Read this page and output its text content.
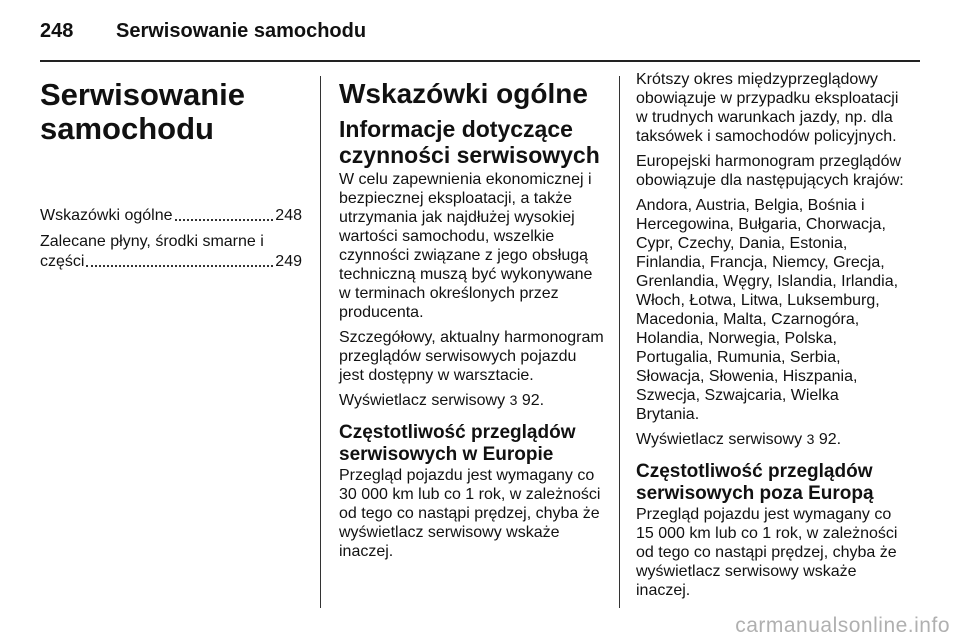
248 Serwisowanie samochodu
Serwisowanie
samochodu
Wskazówki ogólne	248
Zalecane płyny, środki smarne i
części	249
Wskazówki ogólne
Informacje dotyczące czynności serwisowych

W celu zapewnienia ekonomicznej i bezpiecznej eksploatacji, a także utrzymania jak najdłużej wysokiej wartości samochodu, wszelkie czynności związane z jego obsługą techniczną muszą być wykonywane w terminach określonych przez producenta.

Szczegółowy, aktualny harmonogram przeglądów serwisowych pojazdu jest dostępny w warsztacie.

Wyświetlacz serwisowy 3 92.

Częstotliwość przeglądów serwisowych w Europie

Przegląd pojazdu jest wymagany co 30 000 km lub co 1 rok, w zależności od tego co nastąpi prędzej, chyba że wyświetlacz serwisowy wskaże inaczej.

Krótszy okres międzyprzeglądowy obowiązuje w przypadku eksploatacji w trudnych warunkach jazdy, np. dla taksówek i samochodów policyjnych.

Europejski harmonogram przeglądów obowiązuje dla następujących krajów:

Andora, Austria, Belgia, Bośnia i Hercegowina, Bułgaria, Chorwacja, Cypr, Czechy, Dania, Estonia, Finlandia, Francja, Niemcy, Grecja, Grenlandia, Węgry, Islandia, Irlandia, Włoch, Łotwa, Litwa, Luksemburg, Macedonia, Malta, Czarnogóra, Holandia, Norwegia, Polska, Portugalia, Rumunia, Serbia, Słowacja, Słowenia, Hiszpania, Szwecja, Szwajcaria, Wielka Brytania.

Wyświetlacz serwisowy 3 92.

Częstotliwość przeglądów serwisowych poza Europą

Przegląd pojazdu jest wymagany co 15 000 km lub co 1 rok, w zależności od tego co nastąpi prędzej, chyba że wyświetlacz serwisowy wskaże inaczej.

carmanualsonline.info
